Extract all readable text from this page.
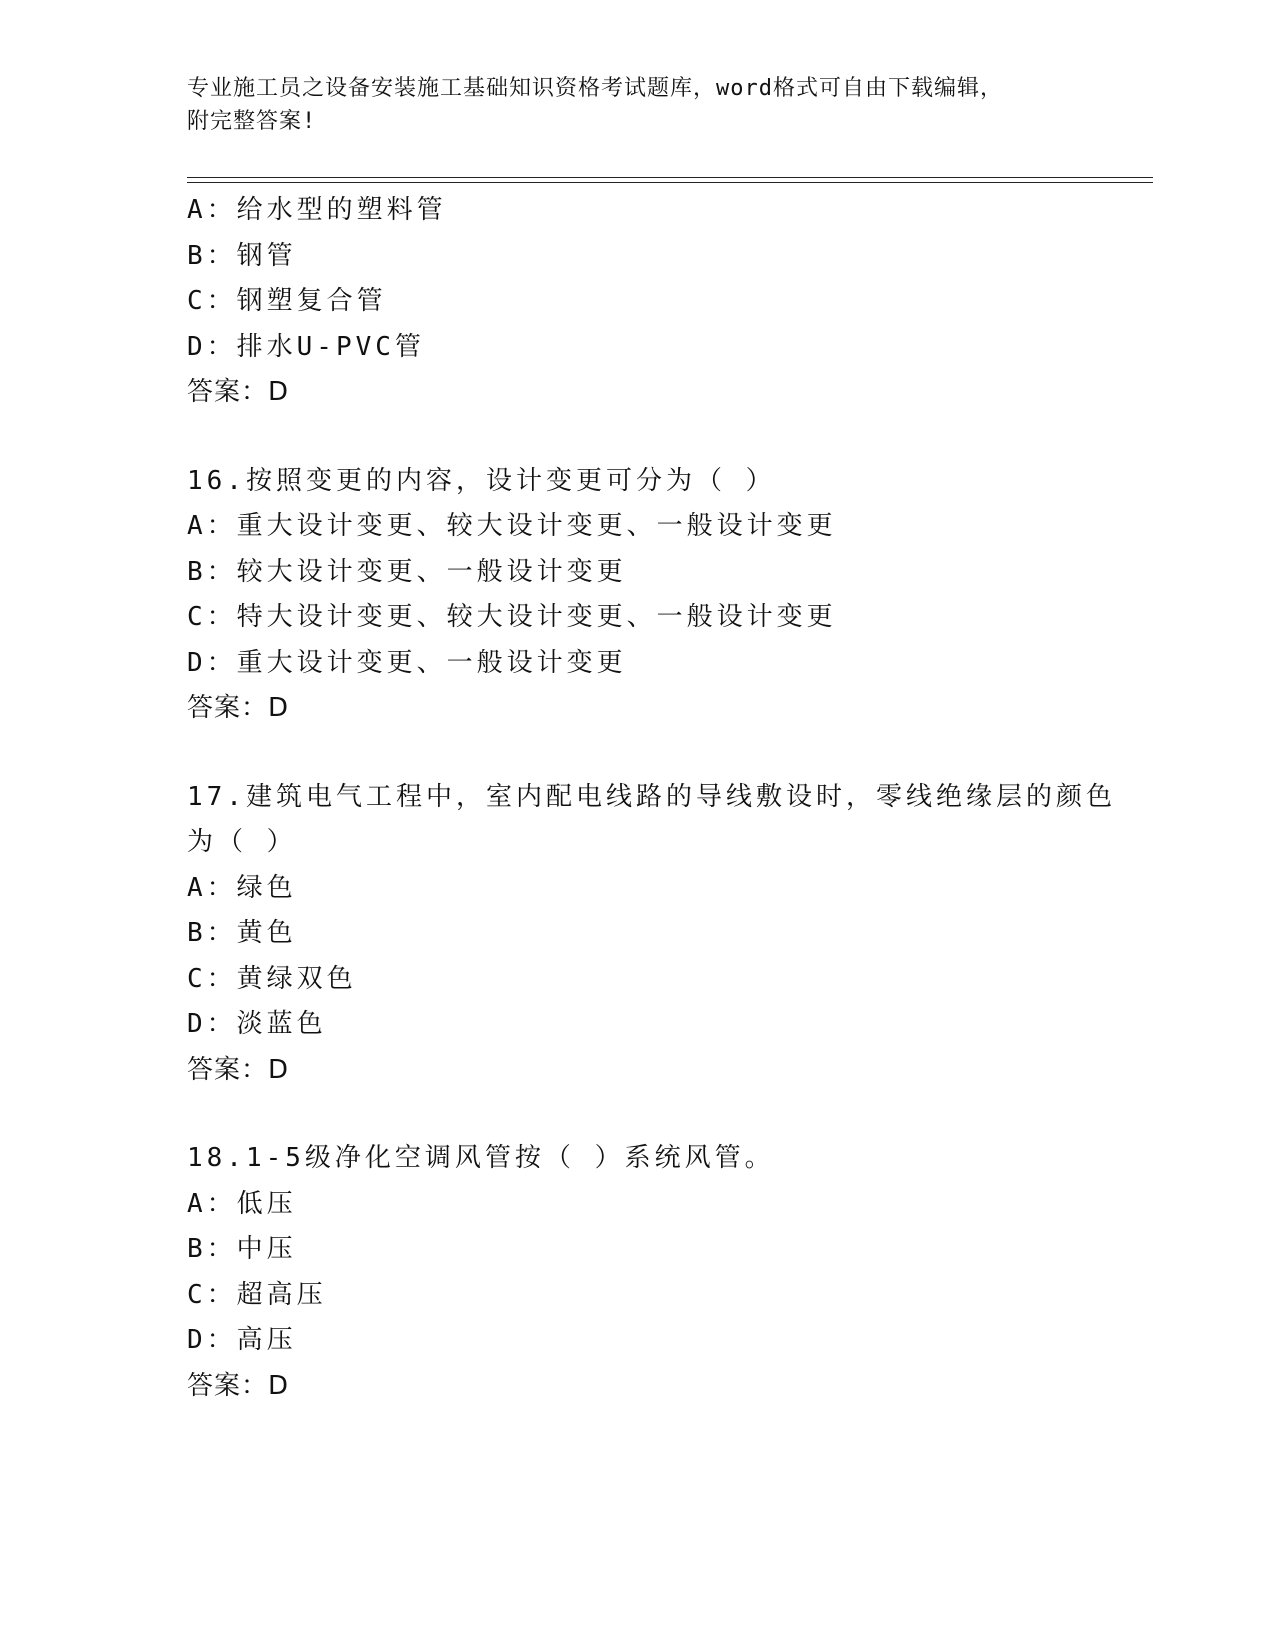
专业施工员之设备安装施工基础知识资格考试题库，word格式可自由下载编辑，
附完整答案!
A：给水型的塑料管
B：钢管
C：钢塑复合管
D：排水U-PVC管
答案：D
16.按照变更的内容，设计变更可分为（ ）
A：重大设计变更、较大设计变更、一般设计变更
B：较大设计变更、一般设计变更
C：特大设计变更、较大设计变更、一般设计变更
D：重大设计变更、一般设计变更
答案：D
17.建筑电气工程中，室内配电线路的导线敷设时，零线绝缘层的颜色
为（ ）
A：绿色
B：黄色
C：黄绿双色
D：淡蓝色
答案：D
18.1-5级净化空调风管按（ ）系统风管。
A：低压
B：中压
C：超高压
D：高压
答案：D
